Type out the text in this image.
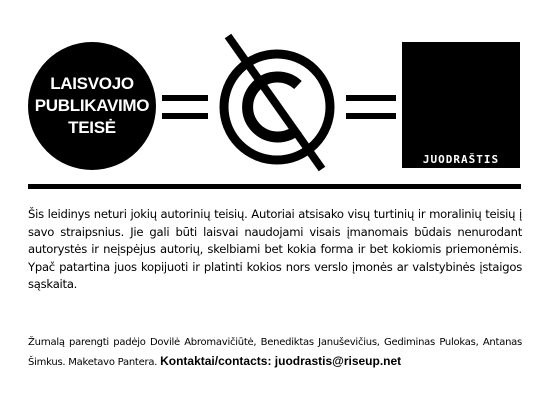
LAISVOJO
PUBLIKAVIMO
TEISĖ
JUODRAŠTIS

Šis leidinys neturi jokių autorinių teisių. Autoriai atsisako visų turtinių ir moralinių teisių į savo straipsnius. Jie gali būti laisvai naudojami visais įmanomais būdais nenurodant autorystės ir neįspėjus autorių, skelbiami bet kokia forma ir bet kokiomis priemonėmis. Ypač patartina juos kopijuoti ir platinti kokios nors verslo įmonės ar valstybinės įstaigos sąskaita.

Žurnalą parengti padėjo Dovilė Abromavičiūtė, Benediktas Januševičius, Gediminas Pulokas, Antanas Šimkus. Maketavo Pantera. Kontaktai/contacts: juodrastis@riseup.net
